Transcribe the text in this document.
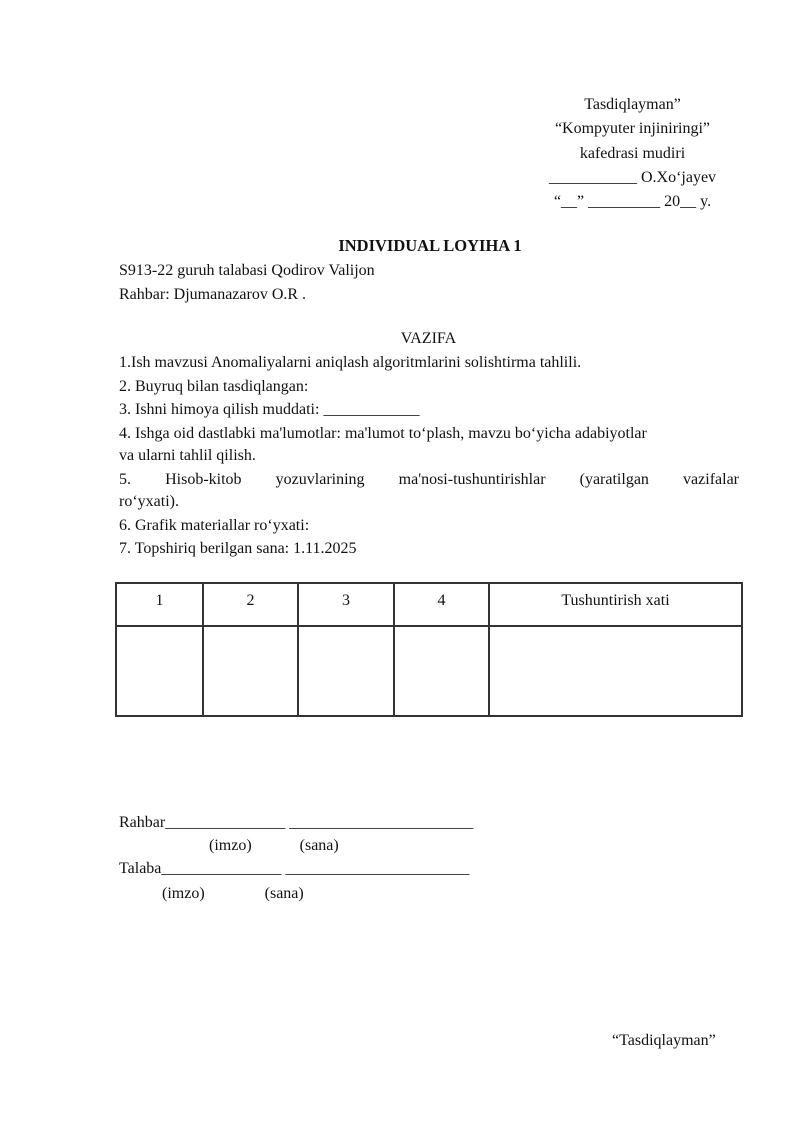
Tasdiqlayman”
“Kompyuter injiniringi”
kafedrasi mudiri
___________ O.Xo‘jayev
“__” _________ 20__ y.
INDIVIDUAL LOYIHA 1
S913-22 guruh talabasi Qodirov Valijon
Rahbar: Djumanazarov O.R .
VAZIFA
1.Ish mavzusi Anomaliyalarni aniqlash algoritmlarini solishtirma tahlili.
2. Buyruq bilan tasdiqlangan:
3. Ishni himoya qilish muddati: ____________
4. Ishga oid dastlabki ma'lumotlar: ma'lumot to‘plash, mavzu bo‘yicha adabiyotlar
va ularni tahlil qilish.
5. Hisob-kitob yozuvlarining ma'nosi-tushuntirishlar (yaratilgan vazifalar
ro‘yxati).
6. Grafik materiallar ro‘yxati:
7. Topshiriq berilgan sana: 1.11.2025
1	2	3	4	Tushuntirish xati

Rahbar_______________ _______________________
(imzo)            (sana)
Talaba_______________ _______________________
(imzo)               (sana)
“Tasdiqlayman”
